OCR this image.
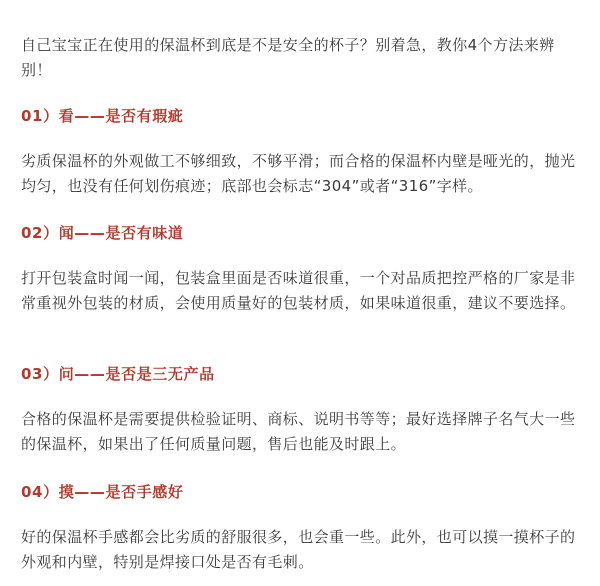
自己宝宝正在使用的保温杯到底是不是安全的杯子？别着急，教你4个方法来辨别！

01）看——是否有瑕疵

劣质保温杯的外观做工不够细致，不够平滑；而合格的保温杯内壁是哑光的，抛光均匀，也没有任何划伤痕迹；底部也会标志“304”或者“316”字样。

02）闻——是否有味道

打开包装盒时闻一闻，包装盒里面是否味道很重，一个对品质把控严格的厂家是非常重视外包装的材质，会使用质量好的包装材质，如果味道很重，建议不要选择。

03）问——是否是三无产品

合格的保温杯是需要提供检验证明、商标、说明书等等；最好选择牌子名气大一些的保温杯，如果出了任何质量问题，售后也能及时跟上。

04）摸——是否手感好

好的保温杯手感都会比劣质的舒服很多，也会重一些。此外，也可以摸一摸杯子的外观和内壁，特别是焊接口处是否有毛刺。
